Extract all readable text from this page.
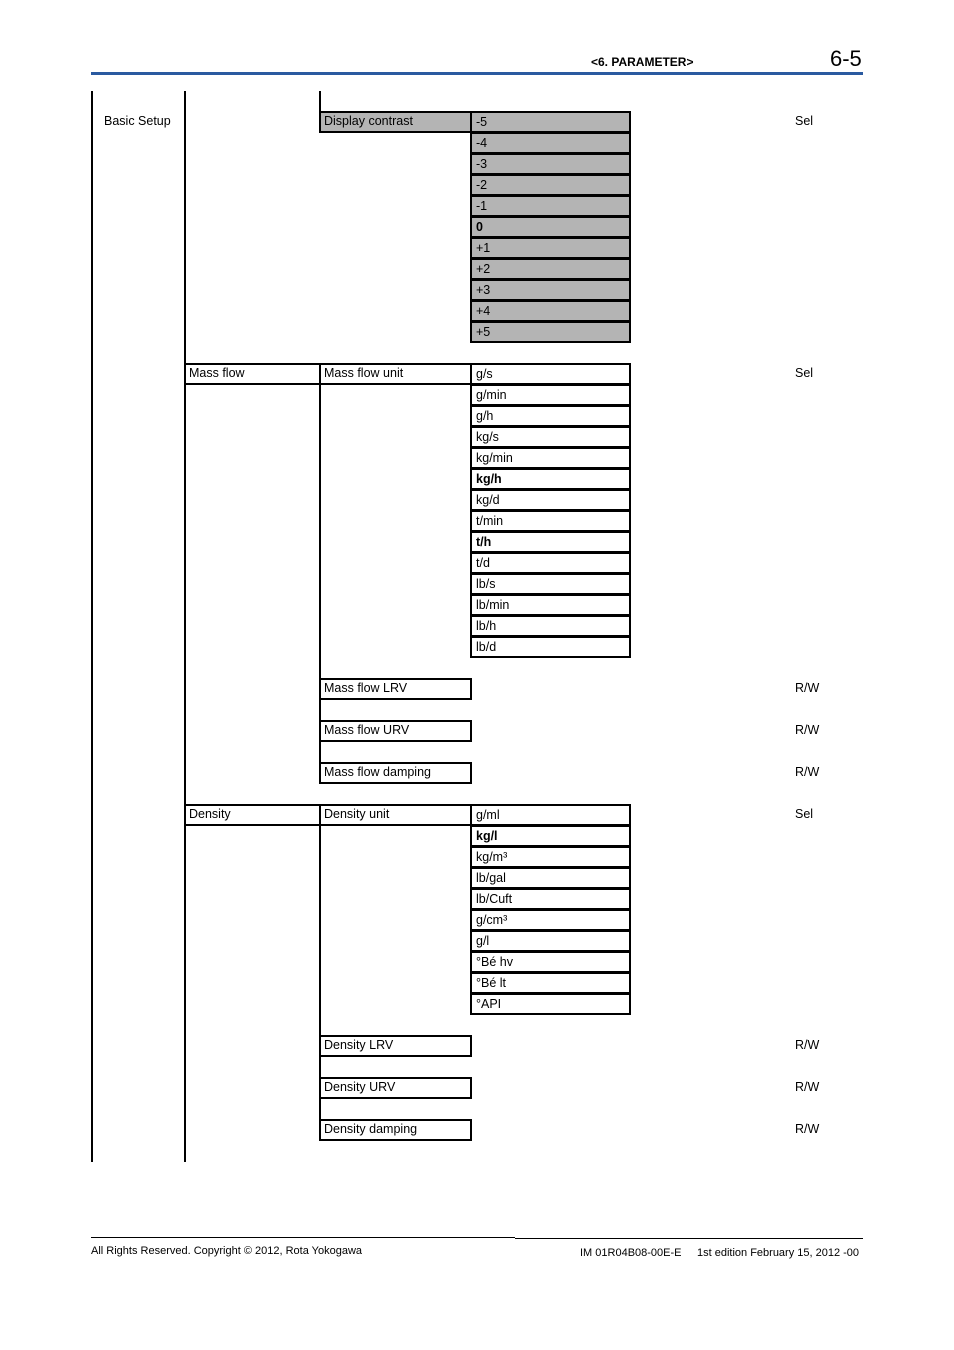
<6. PARAMETER>	6-5
Basic Setup	Display contrast	Sel
-5
-4
-3
-2
-1
0
+1
+2
+3
+4
+5
Mass flow	Mass flow unit	Sel
g/s
g/min
g/h
kg/s
kg/min
kg/h
kg/d
t/min
t/h
t/d
lb/s
lb/min
lb/h
lb/d
Mass flow LRV	R/W
Mass flow URV	R/W
Mass flow damping	R/W
Density	Density unit	Sel
g/ml
kg/l
kg/m³
lb/gal
lb/Cuft
g/cm³
g/l
°Bé hv
°Bé lt
°API
Density LRV	R/W
Density URV	R/W
Density damping	R/W
All Rights Reserved. Copyright © 2012, Rota Yokogawa	IM 01R04B08-00E-E 1st edition February 15, 2012 -00
